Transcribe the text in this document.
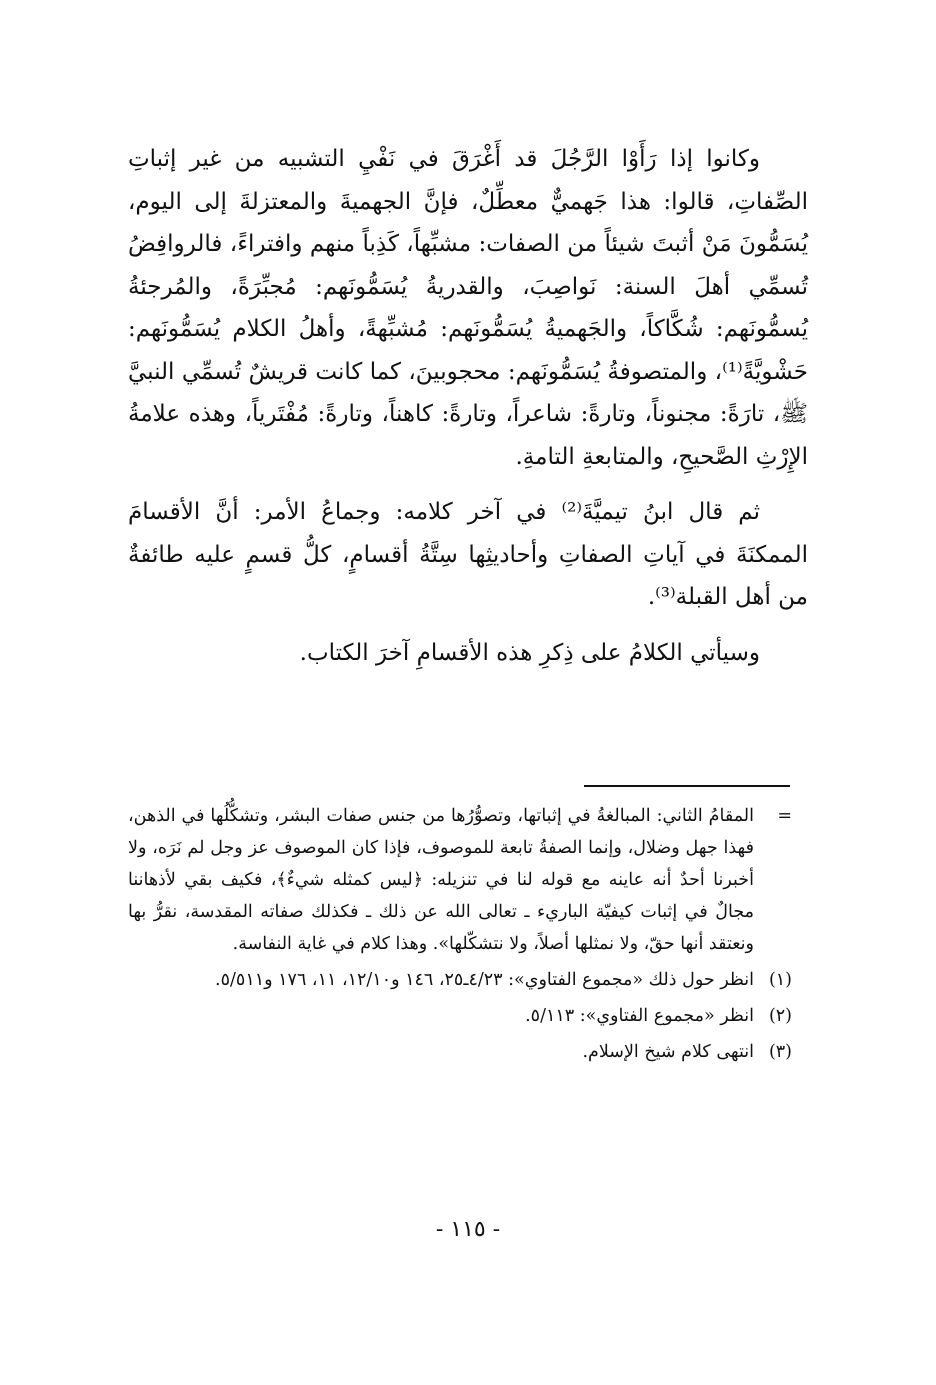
وكانوا إذا رَأَوْا الرَّجُلَ قد أَغْرَقَ في نَفْيِ التشبيه من غير إثباتِ الصِّفاتِ، قالوا: هذا جَهميٌّ معطِّلٌ، فإنَّ الجهميةَ والمعتزلةَ إلى اليوم، يُسَمُّونَ مَنْ أثبتَ شيئاً من الصفات: مشبِّهاً، كَذِباً منهم وافتراءً، فالروافِضُ تُسمِّي أهلَ السنة: نَواصِبَ، والقدريةُ يُسَمُّونَهم: مُجبِّرَةً، والمُرجئةُ يُسمُّونَهم: شُكَّاكاً، والجَهميةُ يُسَمُّونَهم: مُشبِّهةً، وأهلُ الكلام يُسَمُّونَهم: حَشْويَّةً⁽¹⁾، والمتصوفةُ يُسَمُّونَهم: محجوبينَ، كما كانت قريشٌ تُسمِّي النبيَّ ﷺ، تارَةً: مجنوناً، وتارةً: شاعراً، وتارةً: كاهناً، وتارةً: مُفْتَرياً، وهذه علامةُ الإِرْثِ الصَّحيحِ، والمتابعةِ التامةِ.

ثم قال ابنُ تيميَّةَ⁽²⁾ في آخر كلامه: وجماعُ الأمر: أنَّ الأقسامَ الممكنَةَ في آياتِ الصفاتِ وأحاديثِها سِتَّةُ أقسامٍ، كلُّ قسمٍ عليه طائفةٌ من أهل القبلة⁽³⁾.

وسيأتي الكلامُ على ذِكرِ هذه الأقسامِ آخرَ الكتاب.

=
المقامُ الثاني: المبالغةُ في إثباتها، وتصوُّرُها من جنس صفات البشر، وتشكُّلُها في الذهن، فهذا جهل وضلال، وإنما الصفةُ تابعة للموصوف، فإذا كان الموصوف عز وجل لم نَرَه، ولا أخبرنا أحدٌ أنه عاينه مع قوله لنا في تنزيله: ﴿ليس كمثله شيءٌ﴾، فكيف بقي لأذهاننا مجالٌ في إثبات كيفيّة الباريء ـ تعالى الله عن ذلك ـ فكذلك صفاته المقدسة، نقرُّ بها ونعتقد أنها حقّ، ولا نمثلها أصلاً، ولا نتشكّلها». وهذا كلام في غاية النفاسة.
(١)
انظر حول ذلك «مجموع الفتاوي»: ٤/٢٣ـ٢٥، ١٤٦ و١٢/١٠، ١١، ١٧٦ و٥/٥١١.
(٢)
انظر «مجموع الفتاوي»: ٥/١١٣.
(٣)
انتهى كلام شيخ الإسلام.
- ١١٥ -
